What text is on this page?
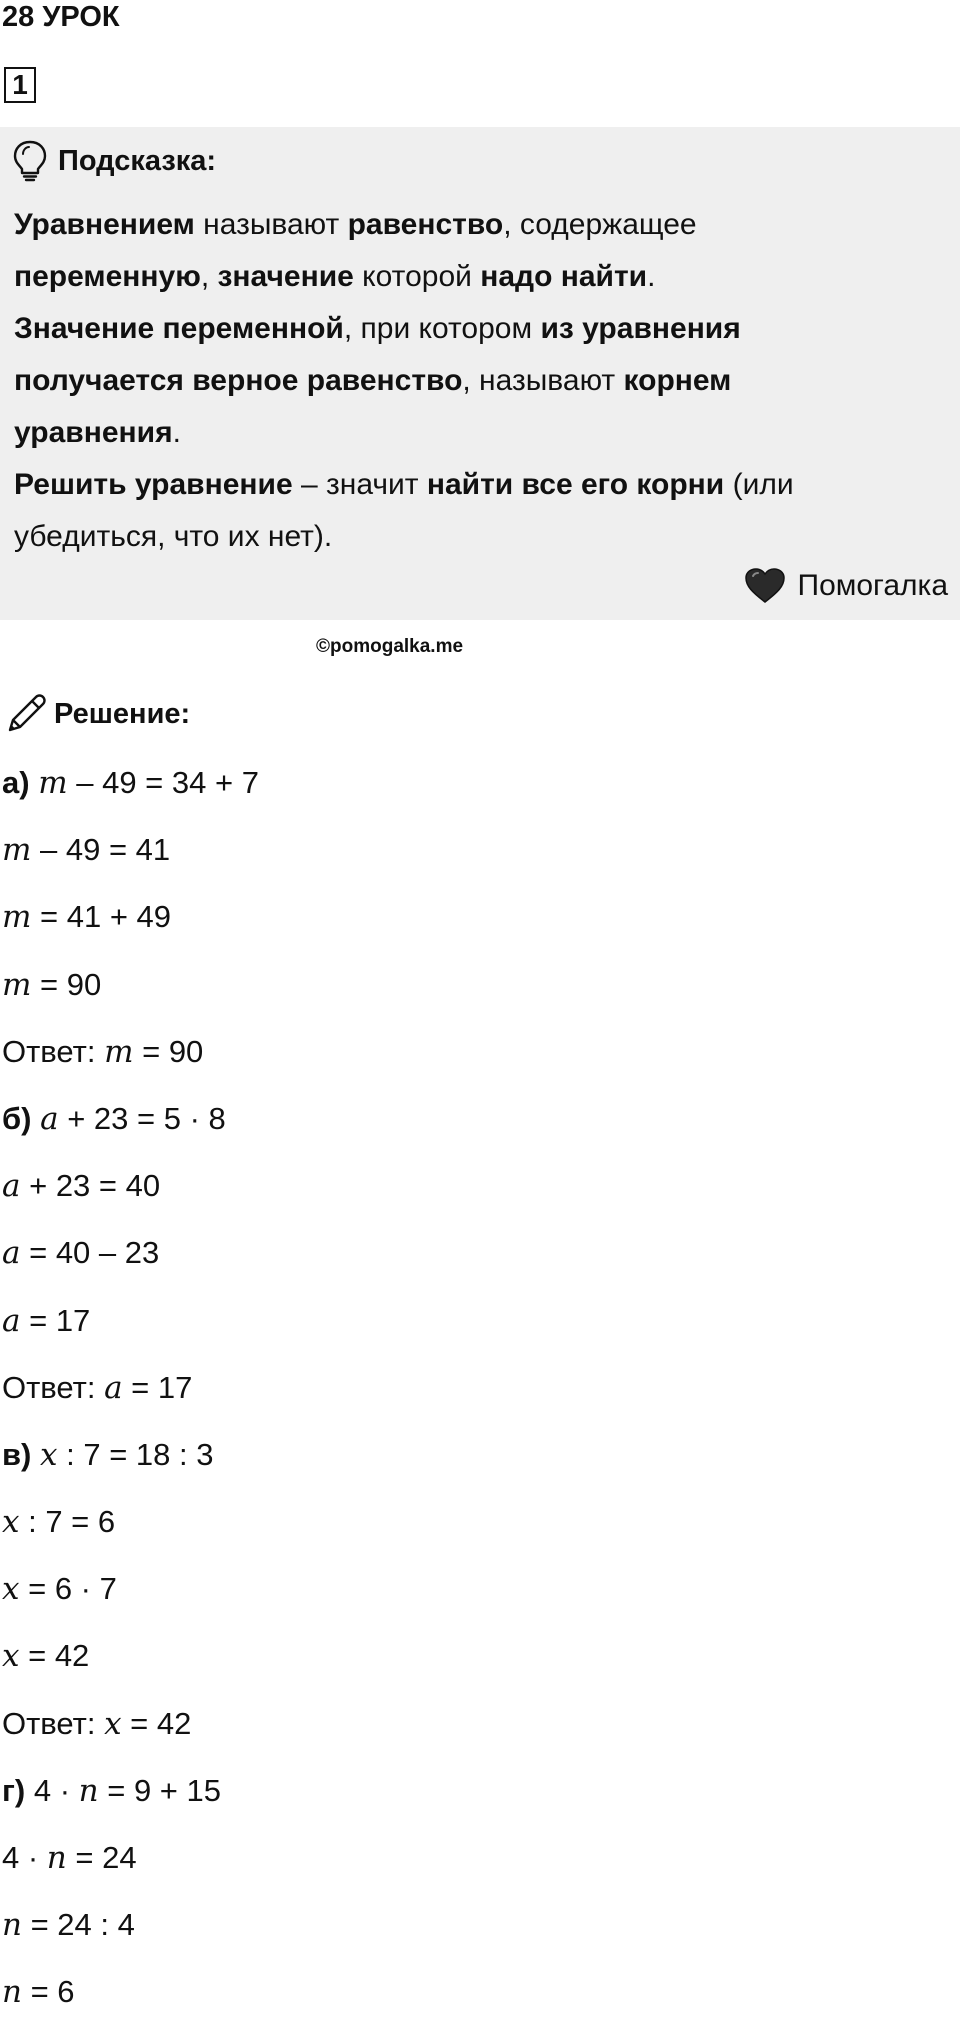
28 УРОК
1
Подсказка:
Уравнением называют равенство, содержащее
переменную, значение которой надо найти.
Значение переменной, при котором из уравнения
получается верное равенство, называют корнем
уравнения.
Решить уравнение – значит найти все его корни (или
убедиться, что их нет).
Помогалка
©pomogalka.me
Решение:
а) m – 49 = 34 + 7
m – 49 = 41
m = 41 + 49
m = 90
Ответ: m = 90
б) a + 23 = 5 · 8
a + 23 = 40
a = 40 – 23
a = 17
Ответ: a = 17
в) x : 7 = 18 : 3
x : 7 = 6
x = 6 · 7
x = 42
Ответ: x = 42
г) 4 · n = 9 + 15
4 · n = 24
n = 24 : 4
n = 6
